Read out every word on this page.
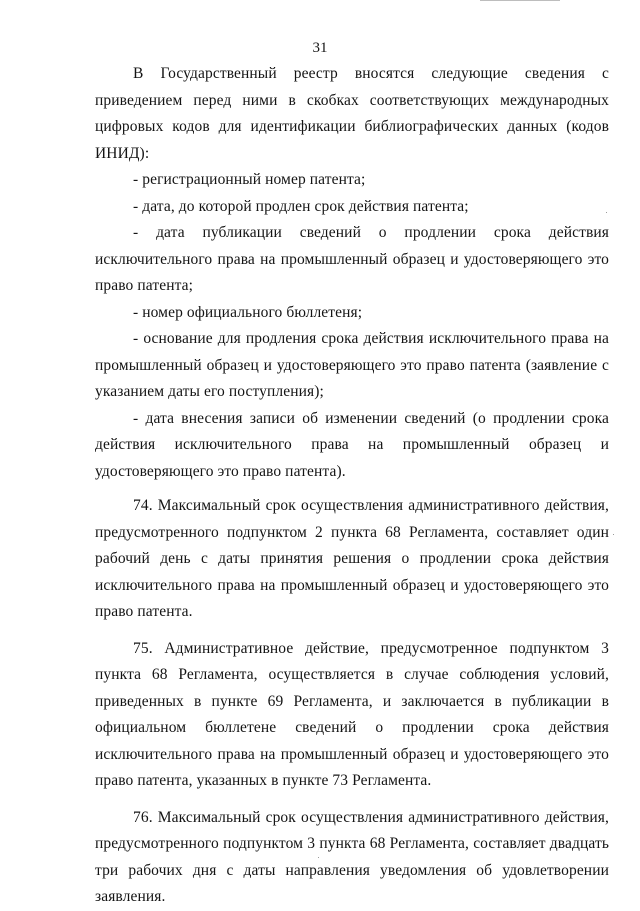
31

В Государственный реестр вносятся следующие сведения с приведением перед ними в скобках соответствующих международных цифровых кодов для идентификации библиографических данных (кодов ИНИД):

- регистрационный номер патента;

- дата, до которой продлен срок действия патента;

- дата публикации сведений о продлении срока действия исключительного права на промышленный образец и удостоверяющего это право патента;

- номер официального бюллетеня;

- основание для продления срока действия исключительного права на промышленный образец и удостоверяющего это право патента (заявление с указанием даты его поступления);

- дата внесения записи об изменении сведений (о продлении срока действия исключительного права на промышленный образец и удостоверяющего это право патента).

74. Максимальный срок осуществления административного действия, предусмотренного подпунктом 2 пункта 68 Регламента, составляет один рабочий день с даты принятия решения о продлении срока действия исключительного права на промышленный образец и удостоверяющего это право патента.

75. Административное действие, предусмотренное подпунктом 3 пункта 68 Регламента, осуществляется в случае соблюдения условий, приведенных в пункте 69 Регламента, и заключается в публикации в официальном бюллетене сведений о продлении срока действия исключительного права на промышленный образец и удостоверяющего это право патента, указанных в пункте 73 Регламента.

76. Максимальный срок осуществления административного действия, предусмотренного подпунктом 3 пункта 68 Регламента, составляет двадцать три рабочих дня с даты направления уведомления об удовлетворении заявления.
